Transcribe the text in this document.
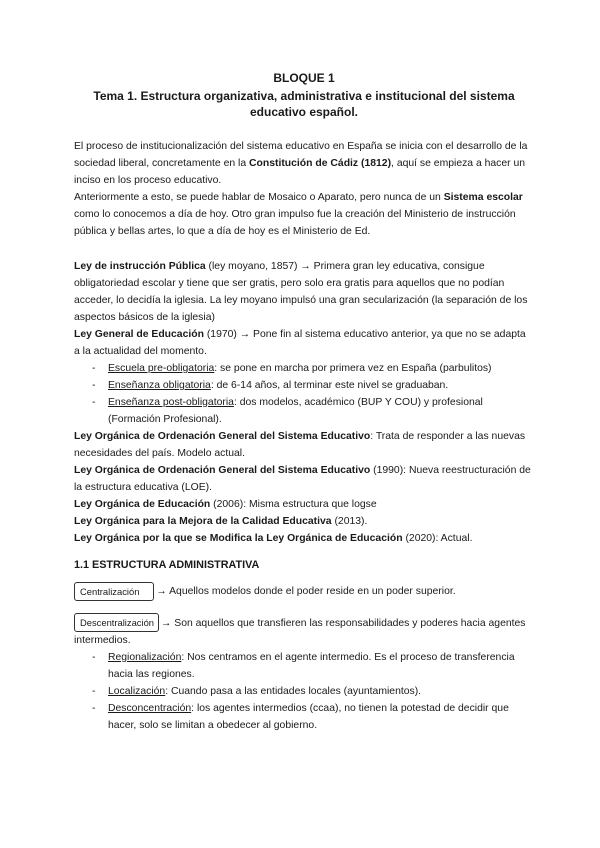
BLOQUE 1
Tema 1. Estructura organizativa, administrativa e institucional del sistema educativo español.

El proceso de institucionalización del sistema educativo en España se inicia con el desarrollo de la sociedad liberal, concretamente en la Constitución de Cádiz (1812), aquí se empieza a hacer un inciso en los proceso educativo.

Anteriormente a esto, se puede hablar de Mosaico o Aparato, pero nunca de un Sistema escolar como lo conocemos a día de hoy. Otro gran impulso fue la creación del Ministerio de instrucción pública y bellas artes, lo que a día de hoy es el Ministerio de Ed.

Ley de instrucción Pública (ley moyano, 1857) → Primera gran ley educativa, consigue obligatoriedad escolar y tiene que ser gratis, pero solo era gratis para aquellos que no podían acceder, lo decidía la iglesia. La ley moyano impulsó una gran secularización (la separación de los aspectos básicos de la iglesia)

Ley General de Educación (1970) → Pone fin al sistema educativo anterior, ya que no se adapta a la actualidad del momento.

- Escuela pre-obligatoria: se pone en marcha por primera vez en España (parbulitos)
- Enseñanza obligatoria: de 6-14 años, al terminar este nivel se graduaban.
- Enseñanza post-obligatoria: dos modelos, académico (BUP Y COU) y profesional (Formación Profesional).

Ley Orgánica de Ordenación General del Sistema Educativo: Trata de responder a las nuevas necesidades del país. Modelo actual.

Ley Orgánica de Ordenación General del Sistema Educativo (1990): Nueva reestructuración de la estructura educativa (LOE).

Ley Orgánica de Educación (2006): Misma estructura que logse

Ley Orgánica para la Mejora de la Calidad Educativa (2013).

Ley Orgánica por la que se Modifica la Ley Orgánica de Educación (2020): Actual.

1.1 ESTRUCTURA ADMINISTRATIVA
Centralización	→ Aquellos modelos donde el poder reside en un poder superior.

Descentralización → Son aquellos que transfieren las responsabilidades y poderes hacia agentes intermedios.

- Regionalización: Nos centramos en el agente intermedio. Es el proceso de transferencia hacia las regiones.
- Localización: Cuando pasa a las entidades locales (ayuntamientos).
- Desconcentración: los agentes intermedios (ccaa), no tienen la potestad de decidir que hacer, solo se limitan a obedecer al gobierno.
